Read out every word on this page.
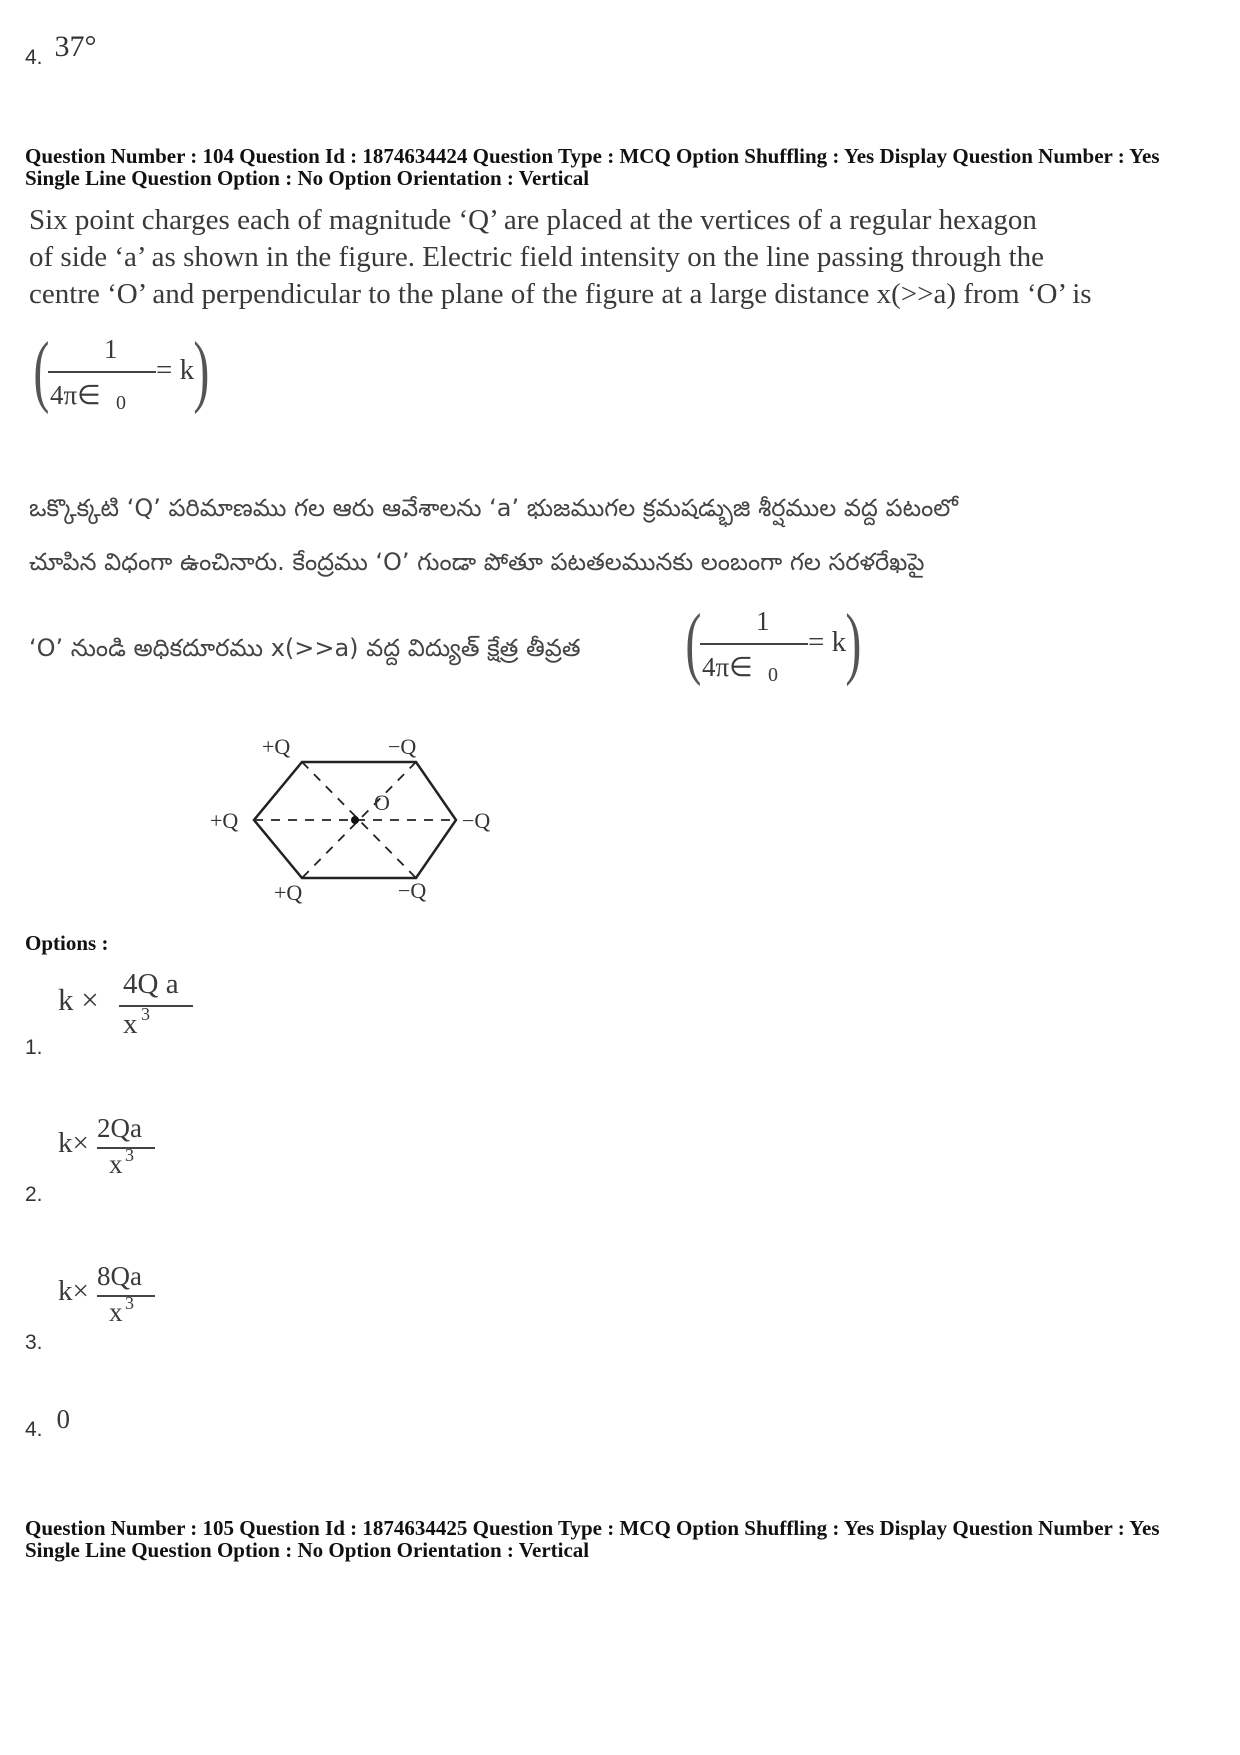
4. 37°
Question Number : 104 Question Id : 1874634424 Question Type : MCQ Option Shuffling : Yes Display Question Number : Yes
Single Line Question Option : No Option Orientation : Vertical
Six point charges each of magnitude ‘Q’ are placed at the vertices of a regular hexagon
of side ‘a’ as shown in the figure. Electric field intensity on the line passing through the
centre ‘O’ and perpendicular to the plane of the figure at a large distance x(>>a) from ‘O’ is
( 1
4π∈ 0
= k )
ఒక్కొక్కటి ‘Q’ పరిమాణము గల ఆరు ఆవేశాలను ‘a’ భుజముగల క్రమషడ్భుజి శీర్షముల వద్ద పటంలో
చూపిన విధంగా ఉంచినారు. కేంద్రము ‘O’ గుండా పోతూ పటతలమునకు లంబంగా గల సరళరేఖపై
‘O’ నుండి అధికదూరము x(>>a) వద్ద విద్యుత్ క్షేత్ర తీవ్రత ( 1
4π∈ 0
= k )
+Q	−Q
+Q	−Q
+Q	−Q
O
Options :
k × 4Q a
x 3
1.
k× 2Qa
x 3
2.
k× 8Qa
x 3
3.
4. 0
Question Number : 105 Question Id : 1874634425 Question Type : MCQ Option Shuffling : Yes Display Question Number : Yes
Single Line Question Option : No Option Orientation : Vertical
